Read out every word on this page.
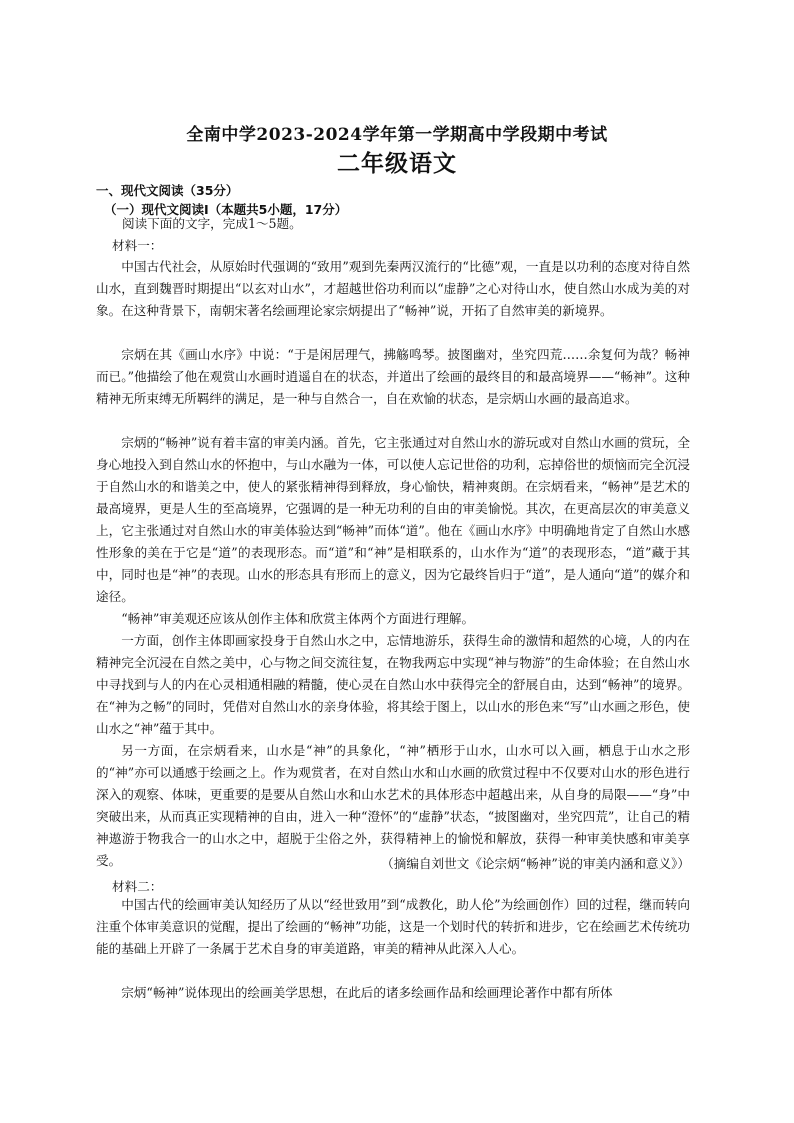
全南中学2023-2024学年第一学期高中学段期中考试
二年级语文
一、现代文阅读（35分）
（一）现代文阅读Ⅰ（本题共5小题，17分）

阅读下面的文字，完成1～5题。

材料一：

中国古代社会，从原始时代强调的“致用”观到先秦两汉流行的“比德”观，一直是以功利的态度对待自然山水，直到魏晋时期提出“以玄对山水”，才超越世俗功利而以“虚静”之心对待山水，使自然山水成为美的对象。在这种背景下，南朝宋著名绘画理论家宗炳提出了“畅神”说，开拓了自然审美的新境界。

宗炳在其《画山水序》中说：“于是闲居理气，拂觞鸣琴。披图幽对，坐究四荒……余复何为哉？畅神而已。”他描绘了他在观赏山水画时逍遥自在的状态，并道出了绘画的最终目的和最高境界——“畅神”。这种精神无所束缚无所羁绊的满足，是一种与自然合一，自在欢愉的状态，是宗炳山水画的最高追求。

宗炳的“畅神”说有着丰富的审美内涵。首先，它主张通过对自然山水的游玩或对自然山水画的赏玩，全身心地投入到自然山水的怀抱中，与山水融为一体，可以使人忘记世俗的功利，忘掉俗世的烦恼而完全沉浸于自然山水的和谐美之中，使人的紧张精神得到释放，身心愉快，精神爽朗。在宗炳看来，“畅神”是艺术的最高境界，更是人生的至高境界，它强调的是一种无功利的自由的审美愉悦。其次，在更高层次的审美意义上，它主张通过对自然山水的审美体验达到“畅神”而体“道”。他在《画山水序》中明确地肯定了自然山水感性形象的美在于它是“道”的表现形态。而“道”和“神”是相联系的，山水作为“道”的表现形态，“道”藏于其中，同时也是“神”的表现。山水的形态具有形而上的意义，因为它最终旨归于“道”，是人通向“道”的媒介和途径。

“畅神”审美观还应该从创作主体和欣赏主体两个方面进行理解。

一方面，创作主体即画家投身于自然山水之中，忘情地游乐，获得生命的激情和超然的心境，人的内在精神完全沉浸在自然之美中，心与物之间交流往复，在物我两忘中实现“神与物游”的生命体验；在自然山水中寻找到与人的内在心灵相通相融的精髓，使心灵在自然山水中获得完全的舒展自由，达到“畅神”的境界。在“神为之畅”的同时，凭借对自然山水的亲身体验，将其绘于图上，以山水的形色来“写”山水画之形色，使山水之“神”蕴于其中。

另一方面，在宗炳看来，山水是“神”的具象化，“神”栖形于山水，山水可以入画，栖息于山水之形的“神”亦可以通感于绘画之上。作为观赏者，在对自然山水和山水画的欣赏过程中不仅要对山水的形色进行深入的观察、体味，更重要的是要从自然山水和山水艺术的具体形态中超越出来，从自身的局限——“身”中突破出来，从而真正实现精神的自由，进入一种“澄怀”的“虚静”状态，“披图幽对，坐究四荒”，让自己的精神遨游于物我合一的山水之中，超脱于尘俗之外，获得精神上的愉悦和解放，获得一种审美快感和审美享受。	（摘编自刘世文《论宗炳“畅神”说的审美内涵和意义》）

材料二：

中国古代的绘画审美认知经历了从以“经世致用”到“成教化，助人伦”为绘画创作）回的过程，继而转向注重个体审美意识的觉醒，提出了绘画的“畅神”功能，这是一个划时代的转折和进步，它在绘画艺术传统功能的基础上开辟了一条属于艺术自身的审美道路，审美的精神从此深入人心。

宗炳“畅神”说体现出的绘画美学思想，在此后的诸多绘画作品和绘画理论著作中都有所体
